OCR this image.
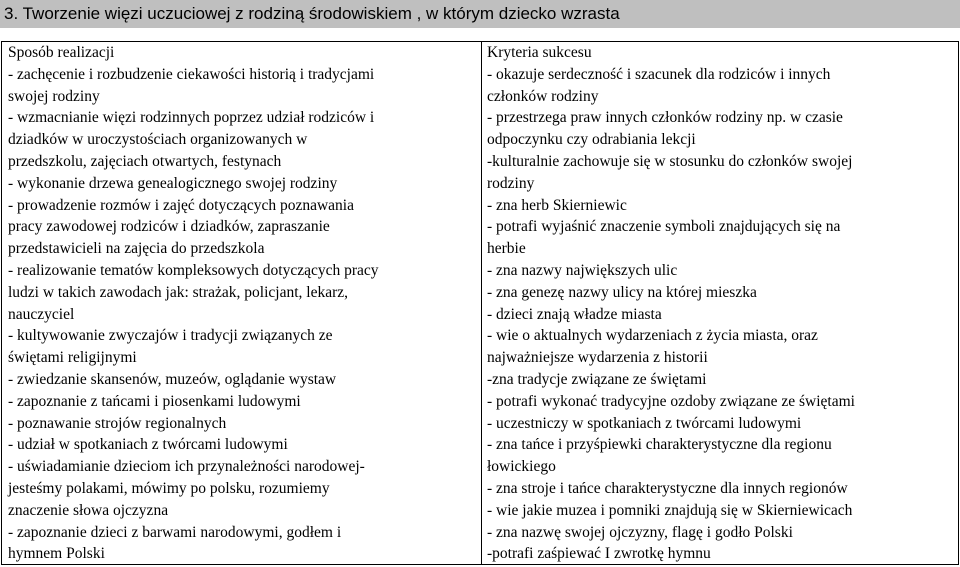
3. Tworzenie więzi uczuciowej z rodziną środowiskiem , w którym dziecko wzrasta
Sposób realizacji
- zachęcenie i rozbudzenie ciekawości historią i tradycjami
swojej rodziny
- wzmacnianie więzi rodzinnych poprzez udział rodziców i
dziadków w uroczystościach organizowanych w
przedszkolu, zajęciach otwartych, festynach
- wykonanie drzewa genealogicznego swojej rodziny
- prowadzenie rozmów i zajęć dotyczących poznawania
pracy zawodowej rodziców i dziadków, zapraszanie
przedstawicieli na zajęcia do przedszkola
- realizowanie tematów kompleksowych dotyczących pracy
ludzi w takich zawodach jak: strażak, policjant, lekarz,
nauczyciel
- kultywowanie zwyczajów i tradycji związanych ze
świętami religijnymi
- zwiedzanie skansenów, muzeów, oglądanie wystaw
- zapoznanie z tańcami i piosenkami ludowymi
- poznawanie strojów regionalnych
- udział w spotkaniach z twórcami ludowymi
- uświadamianie dzieciom ich przynależności narodowej-
jesteśmy polakami, mówimy po polsku, rozumiemy
znaczenie słowa ojczyzna
- zapoznanie dzieci z barwami narodowymi, godłem i
hymnem Polski
Kryteria sukcesu
- okazuje serdeczność i szacunek dla rodziców i innych
członków rodziny
- przestrzega praw innych członków rodziny np. w czasie
odpoczynku czy odrabiania lekcji
-kulturalnie zachowuje się w stosunku do członków swojej
rodziny
- zna herb Skierniewic
- potrafi wyjaśnić znaczenie symboli znajdujących się na
herbie
- zna nazwy największych ulic
- zna genezę nazwy ulicy na której mieszka
- dzieci znają władze miasta
- wie o aktualnych wydarzeniach z życia miasta, oraz
najważniejsze wydarzenia z historii
-zna tradycje związane ze świętami
- potrafi wykonać tradycyjne ozdoby związane ze świętami
- uczestniczy w spotkaniach z twórcami ludowymi
- zna tańce i przyśpiewki charakterystyczne dla regionu
łowickiego
- zna stroje i tańce charakterystyczne dla innych regionów
- wie jakie muzea i pomniki znajdują się w Skierniewicach
- zna nazwę swojej ojczyzny, flagę i godło Polski
-potrafi zaśpiewać I zwrotkę hymnu
